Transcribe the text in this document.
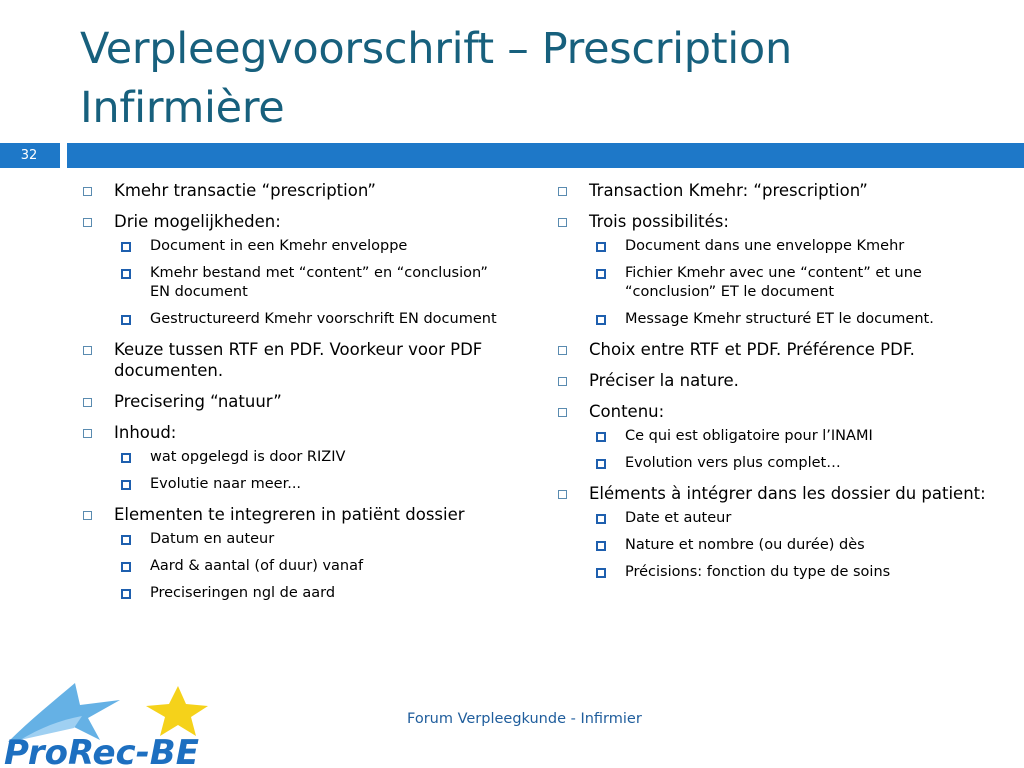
Verpleegvoorschrift – Prescription Infirmière
32
Kmehr transactie “prescription”
Drie mogelijkheden:
Document in een Kmehr enveloppe
Kmehr bestand met “content” en “conclusion” EN document
Gestructureerd Kmehr voorschrift EN document
Keuze tussen RTF en PDF. Voorkeur voor PDF documenten.
Precisering “natuur”
Inhoud:
wat opgelegd is door RIZIV
Evolutie naar meer...
Elementen te integreren in patiënt dossier
Datum en auteur
Aard & aantal (of duur) vanaf
Preciseringen ngl de aard
Transaction Kmehr: “prescription”
Trois possibilités:
Document dans une enveloppe Kmehr
Fichier Kmehr avec une “content” et une “conclusion” ET le document
Message Kmehr structuré ET le document.
Choix entre RTF et PDF. Préférence PDF.
Préciser la nature.
Contenu:
Ce qui est obligatoire pour l’INAMI
Evolution vers plus complet…
Eléments à intégrer dans les dossier du patient:
Date et auteur
Nature et nombre (ou durée) dès
Précisions: fonction du type de soins
Forum Verpleegkunde - Infirmier
ProRec-BE
